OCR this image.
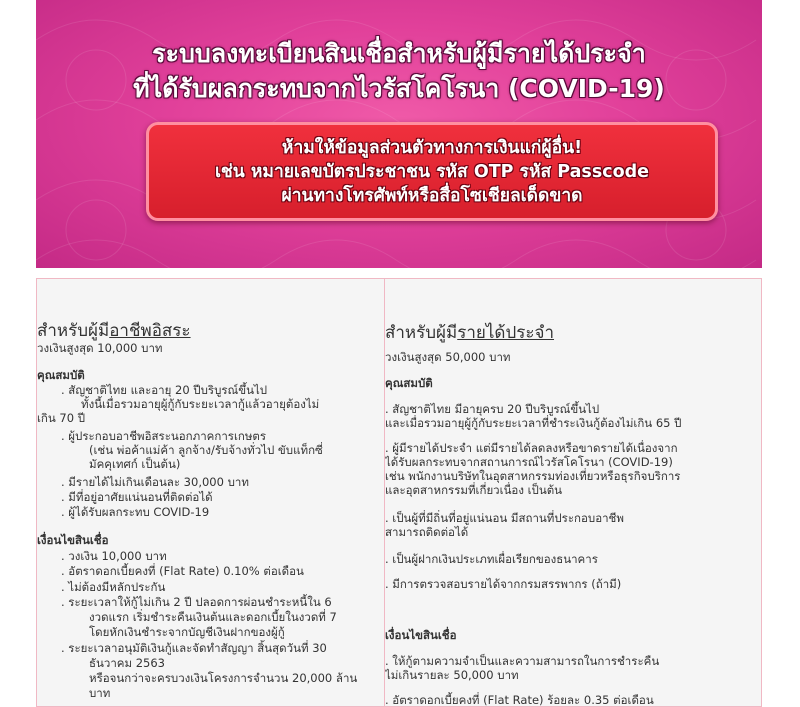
ระบบลงทะเบียนสินเชื่อสำหรับผู้มีรายได้ประจำ
ที่ได้รับผลกระทบจากไวรัสโคโรนา (COVID-19)
ห้ามให้ข้อมูลส่วนตัวทางการเงินแก่ผู้อื่น!
เช่น หมายเลขบัตรประชาชน รหัส OTP รหัส Passcode
ผ่านทางโทรศัพท์หรือสื่อโซเชียลเด็ดขาด
สำหรับผู้มีอาชีพอิสระ
วงเงินสูงสุด 10,000 บาท
คุณสมบัติ
. สัญชาติไทย และอายุ 20 ปีบริบูรณ์ขึ้นไป
ทั้งนี้เมื่อรวมอายุผู้กู้กับระยะเวลากู้แล้วอายุต้องไม่
เกิน 70 ปี
. ผู้ประกอบอาชีพอิสระนอกภาคการเกษตร
(เช่น พ่อค้าแม่ค้า ลูกจ้าง/รับจ้างทั่วไป ขับแท็กซี่
มัคคุเทศก์ เป็นต้น)
. มีรายได้ไม่เกินเดือนละ 30,000 บาท
. มีที่อยู่อาศัยแน่นอนที่ติดต่อได้
. ผู้ได้รับผลกระทบ COVID-19
เงื่อนไขสินเชื่อ
. วงเงิน 10,000 บาท
. อัตราดอกเบี้ยคงที่ (Flat Rate) 0.10% ต่อเดือน
. ไม่ต้องมีหลักประกัน
. ระยะเวลาให้กู้ไม่เกิน 2 ปี ปลอดการผ่อนชำระหนี้ใน 6
งวดแรก เริ่มชำระคืนเงินต้นและดอกเบี้ยในงวดที่ 7
โดยหักเงินชำระจากบัญชีเงินฝากของผู้กู้
. ระยะเวลาอนุมัติเงินกู้และจัดทำสัญญา สิ้นสุดวันที่ 30
ธันวาคม 2563
หรือจนกว่าจะครบวงเงินโครงการจำนวน 20,000 ล้าน
บาท
สำหรับผู้มีรายได้ประจำ
วงเงินสูงสุด 50,000 บาท
คุณสมบัติ
. สัญชาติไทย มีอายุครบ 20 ปีบริบูรณ์ขึ้นไป
และเมื่อรวมอายุผู้กู้กับระยะเวลาที่ชำระเงินกู้ต้องไม่เกิน 65 ปี
. ผู้มีรายได้ประจำ แต่มีรายได้ลดลงหรือขาดรายได้เนื่องจาก
ได้รับผลกระทบจากสถานการณ์ไวรัสโคโรนา (COVID-19)
เช่น พนักงานบริษัทในอุตสาหกรรมท่องเที่ยวหรือธุรกิจบริการ
และอุตสาหกรรมที่เกี่ยวเนื่อง เป็นต้น
. เป็นผู้ที่มีถิ่นที่อยู่แน่นอน มีสถานที่ประกอบอาชีพ
สามารถติดต่อได้
. เป็นผู้ฝากเงินประเภทเผื่อเรียกของธนาคาร
. มีการตรวจสอบรายได้จากกรมสรรพากร (ถ้ามี)
เงื่อนไขสินเชื่อ
. ให้กู้ตามความจำเป็นและความสามารถในการชำระคืน
ไม่เกินรายละ 50,000 บาท
. อัตราดอกเบี้ยคงที่ (Flat Rate) ร้อยละ 0.35 ต่อเดือน
